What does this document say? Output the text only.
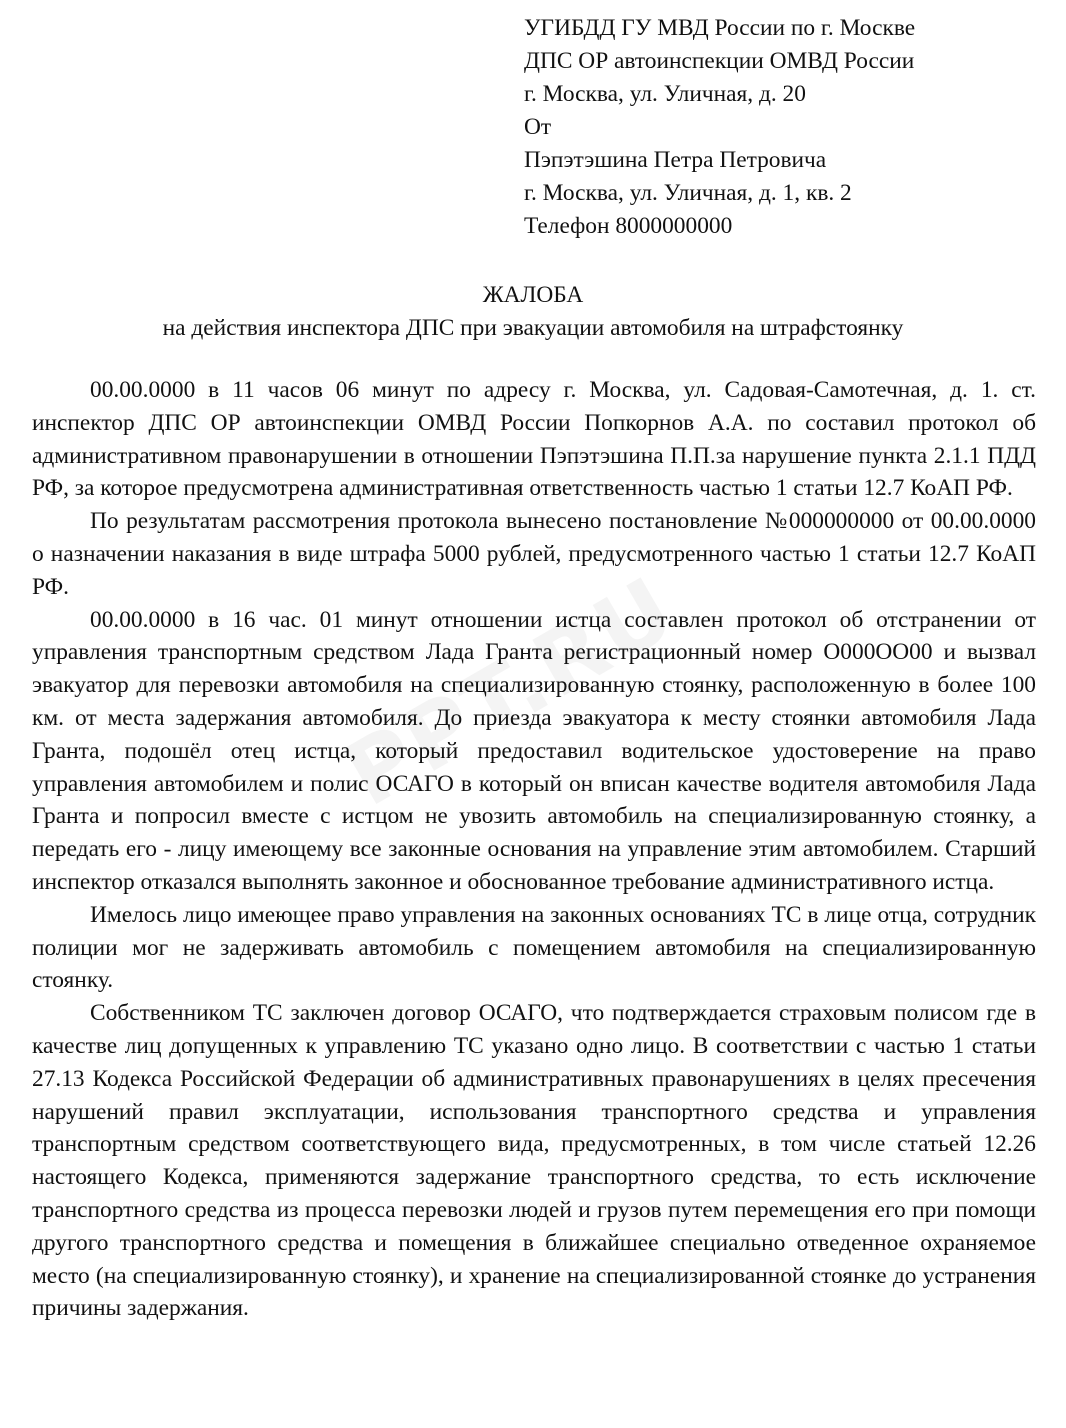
УГИБДД ГУ МВД России по г. Москве
ДПС ОР автоинспекции ОМВД России
г. Москва, ул. Уличная, д. 20
От
Пэпэтэшина Петра Петровича
г. Москва, ул. Уличная, д. 1, кв. 2
Телефон 8000000000
ЖАЛОБА
на действия инспектора ДПС при эвакуации автомобиля на штрафстоянку

00.00.0000 в 11 часов 06 минут по адресу г. Москва, ул. Садовая-Самотечная, д. 1. ст. инспектор ДПС ОР автоинспекции ОМВД России Попкорнов А.А. по составил протокол об административном правонарушении в отношении Пэпэтэшина П.П.за нарушение пункта 2.1.1 ПДД РФ, за которое предусмотрена административная ответственность частью 1 статьи 12.7 КоАП РФ.

По результатам рассмотрения протокола вынесено постановление №000000000 от 00.00.0000 о назначении наказания в виде штрафа 5000 рублей, предусмотренного частью 1 статьи 12.7 КоАП РФ.

00.00.0000 в 16 час. 01 минут отношении истца составлен протокол об отстранении от управления транспортным средством Лада Гранта регистрационный номер О000ОО00 и вызвал эвакуатор для перевозки автомобиля на специализированную стоянку, расположенную в более 100 км. от места задержания автомобиля. До приезда эвакуатора к месту стоянки автомобиля Лада Гранта, подошёл отец истца, который предоставил водительское удостоверение на право управления автомобилем и полис ОСАГО в который он вписан качестве водителя автомобиля Лада Гранта и попросил вместе с истцом не увозить автомобиль на специализированную стоянку, а передать его - лицу имеющему все законные основания на управление этим автомобилем. Старший инспектор отказался выполнять законное и обоснованное требование административного истца.

Имелось лицо имеющее право управления на законных основаниях ТС в лице отца, сотрудник полиции мог не задерживать автомобиль с помещением автомобиля на специализированную стоянку.

Собственником ТС заключен договор ОСАГО, что подтверждается страховым полисом где в качестве лиц допущенных к управлению ТС указано одно лицо. В соответствии с частью 1 статьи 27.13 Кодекса Российской Федерации об административных правонарушениях в целях пресечения нарушений правил эксплуатации, использования транспортного средства и управления транспортным средством соответствующего вида, предусмотренных, в том числе статьей 12.26 настоящего Кодекса, применяются задержание транспортного средства, то есть исключение транспортного средства из процесса перевозки людей и грузов путем перемещения его при помощи другого транспортного средства и помещения в ближайшее специально отведенное охраняемое место (на специализированную стоянку), и хранение на специализированной стоянке до устранения причины задержания.
